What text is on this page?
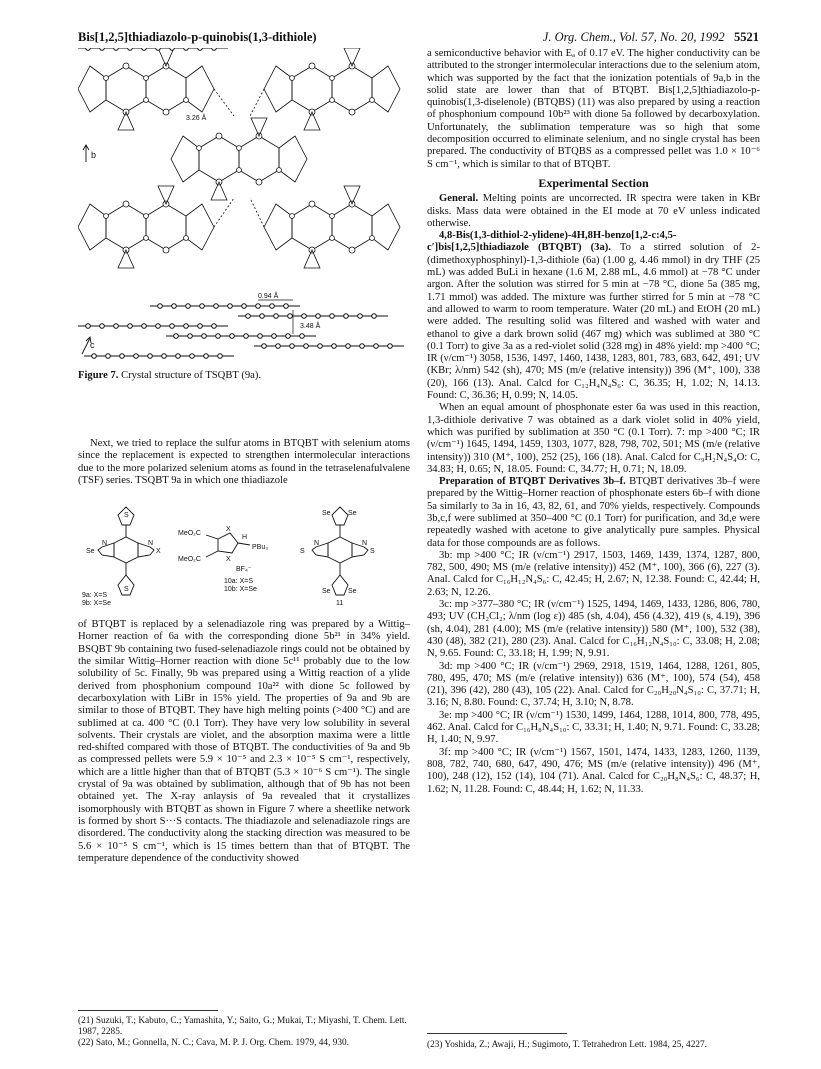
Bis[1,2,5]thiadiazolo-p-quinobis(1,3-dithiole)	J. Org. Chem., Vol. 57, No. 20, 1992 5521
3.26 Å
b
0.94 Å
3.48 Å
c
Figure 7. Crystal structure of TSQBT (9a).

Next, we tried to replace the sulfur atoms in BTQBT with selenium atoms since the replacement is expected to strengthen intermolecular interactions due to the more polarized selenium atoms as found in the tetraselenafulvalene (TSF) series. TSQBT 9a in which one thiadiazole

S
Se
N	N
X
S
9a: X=S
9b: X=Se
MeO₂C
MeO₂C
X
X
H
PBu₃
BF₄⁻
10a: X=S
10b: X=Se
Se Se
N
S
N
S
Se Se
11

of BTQBT is replaced by a selenadiazole ring was prepared by a Wittig–Horner reaction of 6a with the corresponding dione 5b²¹ in 34% yield. BSQBT 9b containing two fused-selenadiazole rings could not be obtained by the similar Wittig–Horner reaction with dione 5c¹¹ probably due to the low solubility of 5c. Finally, 9b was prepared using a Wittig reaction of a ylide derived from phosphonium compound 10a²² with dione 5c followed by decarboxylation with LiBr in 15% yield. The properties of 9a and 9b are similar to those of BTQBT. They have high melting points (>400 °C) and are sublimed at ca. 400 °C (0.1 Torr). They have very low solubility in several solvents. Their crystals are violet, and the absorption maxima were a little red-shifted compared with those of BTQBT. The conductivities of 9a and 9b as compressed pellets were 5.9 × 10⁻⁵ and 2.3 × 10⁻⁵ S cm⁻¹, respectively, which are a little higher than that of BTQBT (5.3 × 10⁻⁶ S cm⁻¹). The single crystal of 9a was obtained by sublimation, although that of 9b has not been obtained yet. The X-ray anlaysis of 9a revealed that it crystallizes isomorphously with BTQBT as shown in Figure 7 where a sheetlike network is formed by short S···S contacts. The thiadiazole and selenadiazole rings are disordered. The conductivity along the stacking direction was measured to be 5.6 × 10⁻⁵ S cm⁻¹, which is 15 times bettern than that of BTQBT. The temperature dependence of the conductivity showed

a semiconductive behavior with Eₐ of 0.17 eV. The higher conductivity can be attributed to the stronger intermolecular interactions due to the selenium atom, which was supported by the fact that the ionization potentials of 9a,b in the solid state are lower than that of BTQBT. Bis[1,2,5]thiadiazolo-p-quinobis(1,3-diselenole) (BTQBS) (11) was also prepared by using a reaction of phosphonium compound 10b²³ with dione 5a followed by decarboxylation. Unfortunately, the sublimation temperature was so high that some decomposition occurred to eliminate selenium, and no single crystal has been prepared. The conductivity of BTQBS as a compressed pellet was 1.0 × 10⁻⁶ S cm⁻¹, which is similar to that of BTQBT.

Experimental Section

General. Melting points are uncorrected. IR spectra were taken in KBr disks. Mass data were obtained in the EI mode at 70 eV unless indicated otherwise.

4,8-Bis(1,3-dithiol-2-ylidene)-4H,8H-benzo[1,2-c:4,5-c′]bis[1,2,5]thiadiazole (BTQBT) (3a). To a stirred solution of 2-(dimethoxyphosphinyl)-1,3-dithiole (6a) (1.00 g, 4.46 mmol) in dry THF (25 mL) was added BuLi in hexane (1.6 M, 2.88 mL, 4.6 mmol) at −78 °C under argon. After the solution was stirred for 5 min at −78 °C, dione 5a (385 mg, 1.71 mmol) was added. The mixture was further stirred for 5 min at −78 °C and allowed to warm to room temperature. Water (20 mL) and EtOH (20 mL) were added. The resulting solid was filtered and washed with water and ethanol to give a dark brown solid (467 mg) which was sublimed at 380 °C (0.1 Torr) to give 3a as a red-violet solid (328 mg) in 48% yield: mp >400 °C; IR (ν/cm⁻¹) 3058, 1536, 1497, 1460, 1438, 1283, 801, 783, 683, 642, 491; UV (KBr; λ/nm) 542 (sh), 470; MS (m/e (relative intensity)) 396 (M⁺, 100), 338 (20), 166 (13). Anal. Calcd for C₁₂H₄N₄S₆: C, 36.35; H, 1.02; N, 14.13. Found: C, 36.36; H, 0.99; N, 14.05.

When an equal amount of phosphonate ester 6a was used in this reaction, 1,3-dithiole derivative 7 was obtained as a dark violet solid in 40% yield, which was purified by sublimation at 350 °C (0.1 Torr). 7: mp >400 °C; IR (ν/cm⁻¹) 1645, 1494, 1459, 1303, 1077, 828, 798, 702, 501; MS (m/e (relative intensity)) 310 (M⁺, 100), 252 (25), 166 (18). Anal. Calcd for C₉H₂N₄S₄O: C, 34.83; H, 0.65; N, 18.05. Found: C, 34.77; H, 0.71; N, 18.09.

Preparation of BTQBT Derivatives 3b–f. BTQBT derivatives 3b–f were prepared by the Wittig–Horner reaction of phosphonate esters 6b–f with dione 5a similarly to 3a in 16, 43, 82, 61, and 70% yields, respectively. Compounds 3b,c,f were sublimed at 350–400 °C (0.1 Torr) for purification, and 3d,e were repeatedly washed with acetone to give analytically pure samples. Physical data for those compounds are as follows.

3b: mp >400 °C; IR (ν/cm⁻¹) 2917, 1503, 1469, 1439, 1374, 1287, 800, 782, 500, 490; MS (m/e (relative intensity)) 452 (M⁺, 100), 366 (6), 227 (3). Anal. Calcd for C₁₆H₁₂N₄S₆: C, 42.45; H, 2.67; N, 12.38. Found: C, 42.44; H, 2.63; N, 12.26.

3c: mp >377–380 °C; IR (ν/cm⁻¹) 1525, 1494, 1469, 1433, 1286, 806, 780, 493; UV (CH₂Cl₂; λ/nm (log ε)) 485 (sh, 4.04), 456 (4.32), 419 (s, 4.19), 396 (sh, 4.04), 281 (4.00); MS (m/e (relative intensity)) 580 (M⁺, 100), 532 (38), 430 (48), 382 (21), 280 (23). Anal. Calcd for C₁₆H₁₂N₄S₁₀: C, 33.08; H, 2.08; N, 9.65. Found: C, 33.18; H, 1.99; N, 9.91.

3d: mp >400 °C; IR (ν/cm⁻¹) 2969, 2918, 1519, 1464, 1288, 1261, 805, 780, 495, 470; MS (m/e (relative intensity)) 636 (M⁺, 100), 574 (54), 458 (21), 396 (42), 280 (43), 105 (22). Anal. Calcd for C₂₀H₂₀N₄S₁₀: C, 37.71; H, 3.16; N, 8.80. Found: C, 37.74; H, 3.10; N, 8.78.

3e: mp >400 °C; IR (ν/cm⁻¹) 1530, 1499, 1464, 1288, 1014, 800, 778, 495, 462. Anal. Calcd for C₁₆H₈N₄S₁₀: C, 33.31; H, 1.40; N, 9.71. Found: C, 33.28; H, 1.40; N, 9.97.

3f: mp >400 °C; IR (ν/cm⁻¹) 1567, 1501, 1474, 1433, 1283, 1260, 1139, 808, 782, 740, 680, 647, 490, 476; MS (m/e (relative intensity)) 496 (M⁺, 100), 248 (12), 152 (14), 104 (71). Anal. Calcd for C₂₀H₈N₄S₆: C, 48.37; H, 1.62; N, 11.28. Found: C, 48.44; H, 1.62; N, 11.33.

(21) Suzuki, T.; Kabuto, C.; Yamashita, Y.; Saito, G.; Mukai, T.; Miyashi, T. Chem. Lett. 1987, 2285.
(22) Sato, M.; Gonnella, N. C.; Cava, M. P. J. Org. Chem. 1979, 44, 930.	(23) Yoshida, Z.; Awaji, H.; Sugimoto, T. Tetrahedron Lett. 1984, 25, 4227.
